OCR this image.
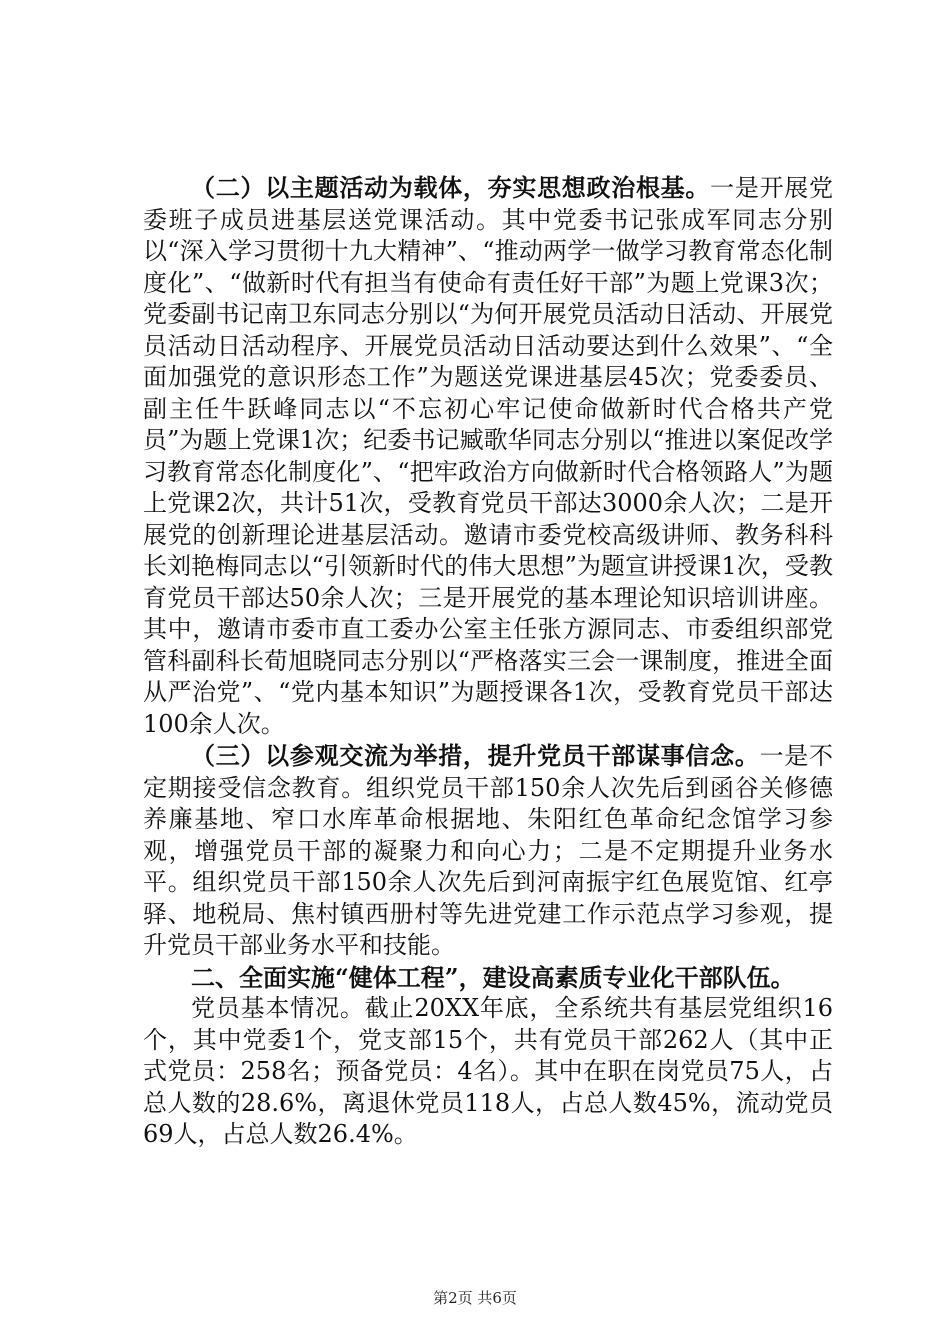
（二）以主题活动为载体，夯实思想政治根基。一是开展党委班子成员进基层送党课活动。其中党委书记张成军同志分别以“深入学习贯彻十九大精神”、“推动两学一做学习教育常态化制度化”、“做新时代有担当有使命有责任好干部”为题上党课3次；党委副书记南卫东同志分别以“为何开展党员活动日活动、开展党员活动日活动程序、开展党员活动日活动要达到什么效果”、“全面加强党的意识形态工作”为题送党课进基层45次；党委委员、副主任牛跃峰同志以“不忘初心牢记使命做新时代合格共产党员”为题上党课1次；纪委书记臧歌华同志分别以“推进以案促改学习教育常态化制度化”、“把牢政治方向做新时代合格领路人”为题上党课2次，共计51次，受教育党员干部达3000余人次；二是开展党的创新理论进基层活动。邀请市委党校高级讲师、教务科科长刘艳梅同志以“引领新时代的伟大思想”为题宣讲授课1次，受教育党员干部达50余人次；三是开展党的基本理论知识培训讲座。其中，邀请市委市直工委办公室主任张方源同志、市委组织部党管科副科长荀旭晓同志分别以“严格落实三会一课制度，推进全面从严治党”、“党内基本知识”为题授课各1次，受教育党员干部达100余人次。

（三）以参观交流为举措，提升党员干部谋事信念。一是不定期接受信念教育。组织党员干部150余人次先后到函谷关修德养廉基地、窄口水库革命根据地、朱阳红色革命纪念馆学习参观，增强党员干部的凝聚力和向心力；二是不定期提升业务水平。组织党员干部150余人次先后到河南振宇红色展览馆、红亭驿、地税局、焦村镇西册村等先进党建工作示范点学习参观，提升党员干部业务水平和技能。

二、全面实施“健体工程”，建设高素质专业化干部队伍。

党员基本情况。截止20XX年底，全系统共有基层党组织16个，其中党委1个，党支部15个，共有党员干部262人（其中正式党员：258名；预备党员：4名）。其中在职在岗党员75人，占总人数的28.6%，离退休党员118人，占总人数45%，流动党员69人，占总人数26.4%。

第2页 共6页
